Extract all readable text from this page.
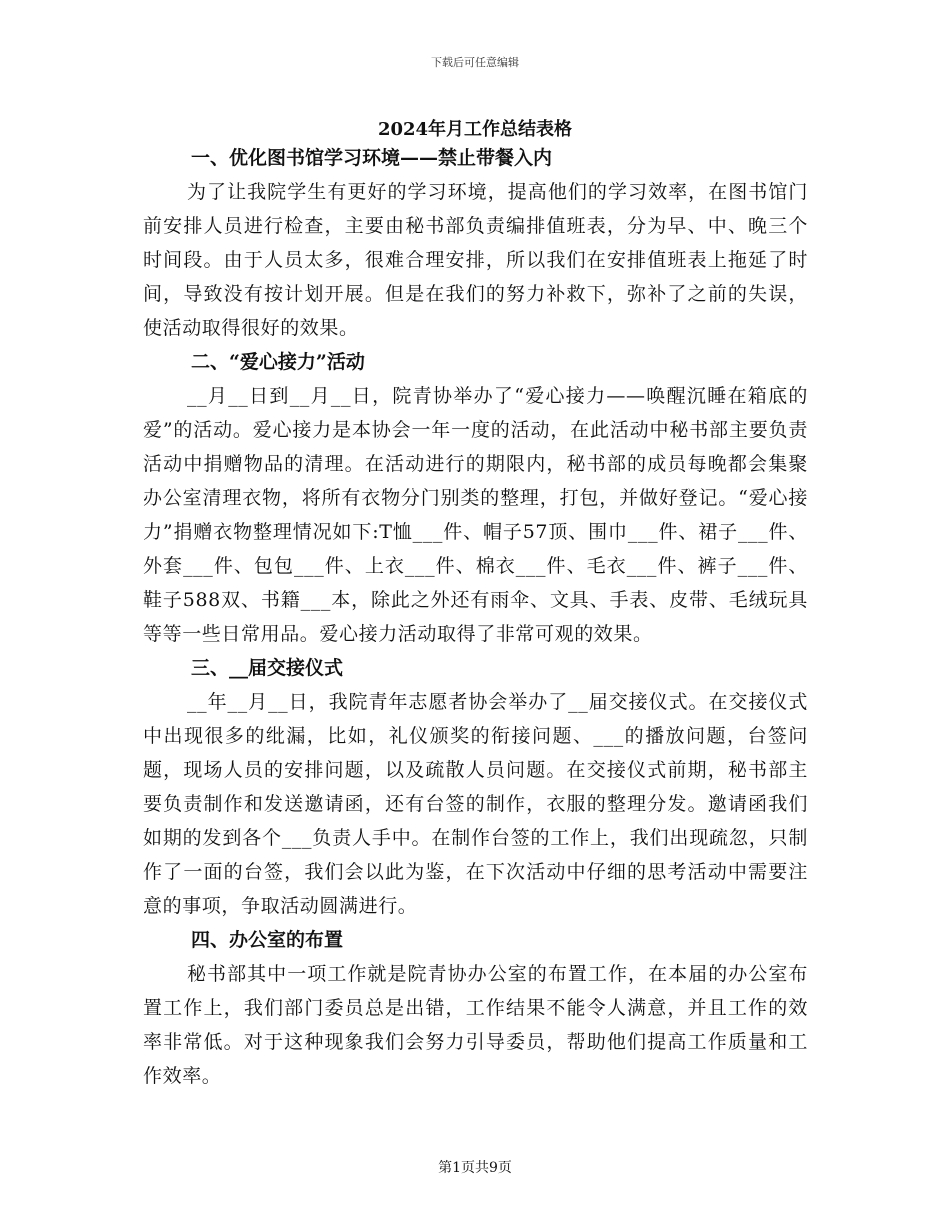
下载后可任意编辑
2024年月工作总结表格
一、优化图书馆学习环境——禁止带餐入内

为了让我院学生有更好的学习环境，提高他们的学习效率，在图书馆门前安排人员进行检查，主要由秘书部负责编排值班表，分为早、中、晚三个时间段。由于人员太多，很难合理安排，所以我们在安排值班表上拖延了时间，导致没有按计划开展。但是在我们的努力补救下，弥补了之前的失误，使活动取得很好的效果。

二、“爱心接力”活动

__月__日到__月__日，院青协举办了“爱心接力——唤醒沉睡在箱底的爱”的活动。爱心接力是本协会一年一度的活动，在此活动中秘书部主要负责活动中捐赠物品的清理。在活动进行的期限内，秘书部的成员每晚都会集聚办公室清理衣物，将所有衣物分门别类的整理，打包，并做好登记。“爱心接力”捐赠衣物整理情况如下:T恤___件、帽子57顶、围巾___件、裙子___件、外套___件、包包___件、上衣___件、棉衣___件、毛衣___件、裤子___件、鞋子588双、书籍___本，除此之外还有雨伞、文具、手表、皮带、毛绒玩具等等一些日常用品。爱心接力活动取得了非常可观的效果。

三、__届交接仪式

__年__月__日，我院青年志愿者协会举办了__届交接仪式。在交接仪式中出现很多的纰漏，比如，礼仪颁奖的衔接问题、___的播放问题，台签问题，现场人员的安排问题，以及疏散人员问题。在交接仪式前期，秘书部主要负责制作和发送邀请函，还有台签的制作，衣服的整理分发。邀请函我们如期的发到各个___负责人手中。在制作台签的工作上，我们出现疏忽，只制作了一面的台签，我们会以此为鉴，在下次活动中仔细的思考活动中需要注意的事项，争取活动圆满进行。

四、办公室的布置

秘书部其中一项工作就是院青协办公室的布置工作，在本届的办公室布置工作上，我们部门委员总是出错，工作结果不能令人满意，并且工作的效率非常低。对于这种现象我们会努力引导委员，帮助他们提高工作质量和工作效率。

第1页共9页
